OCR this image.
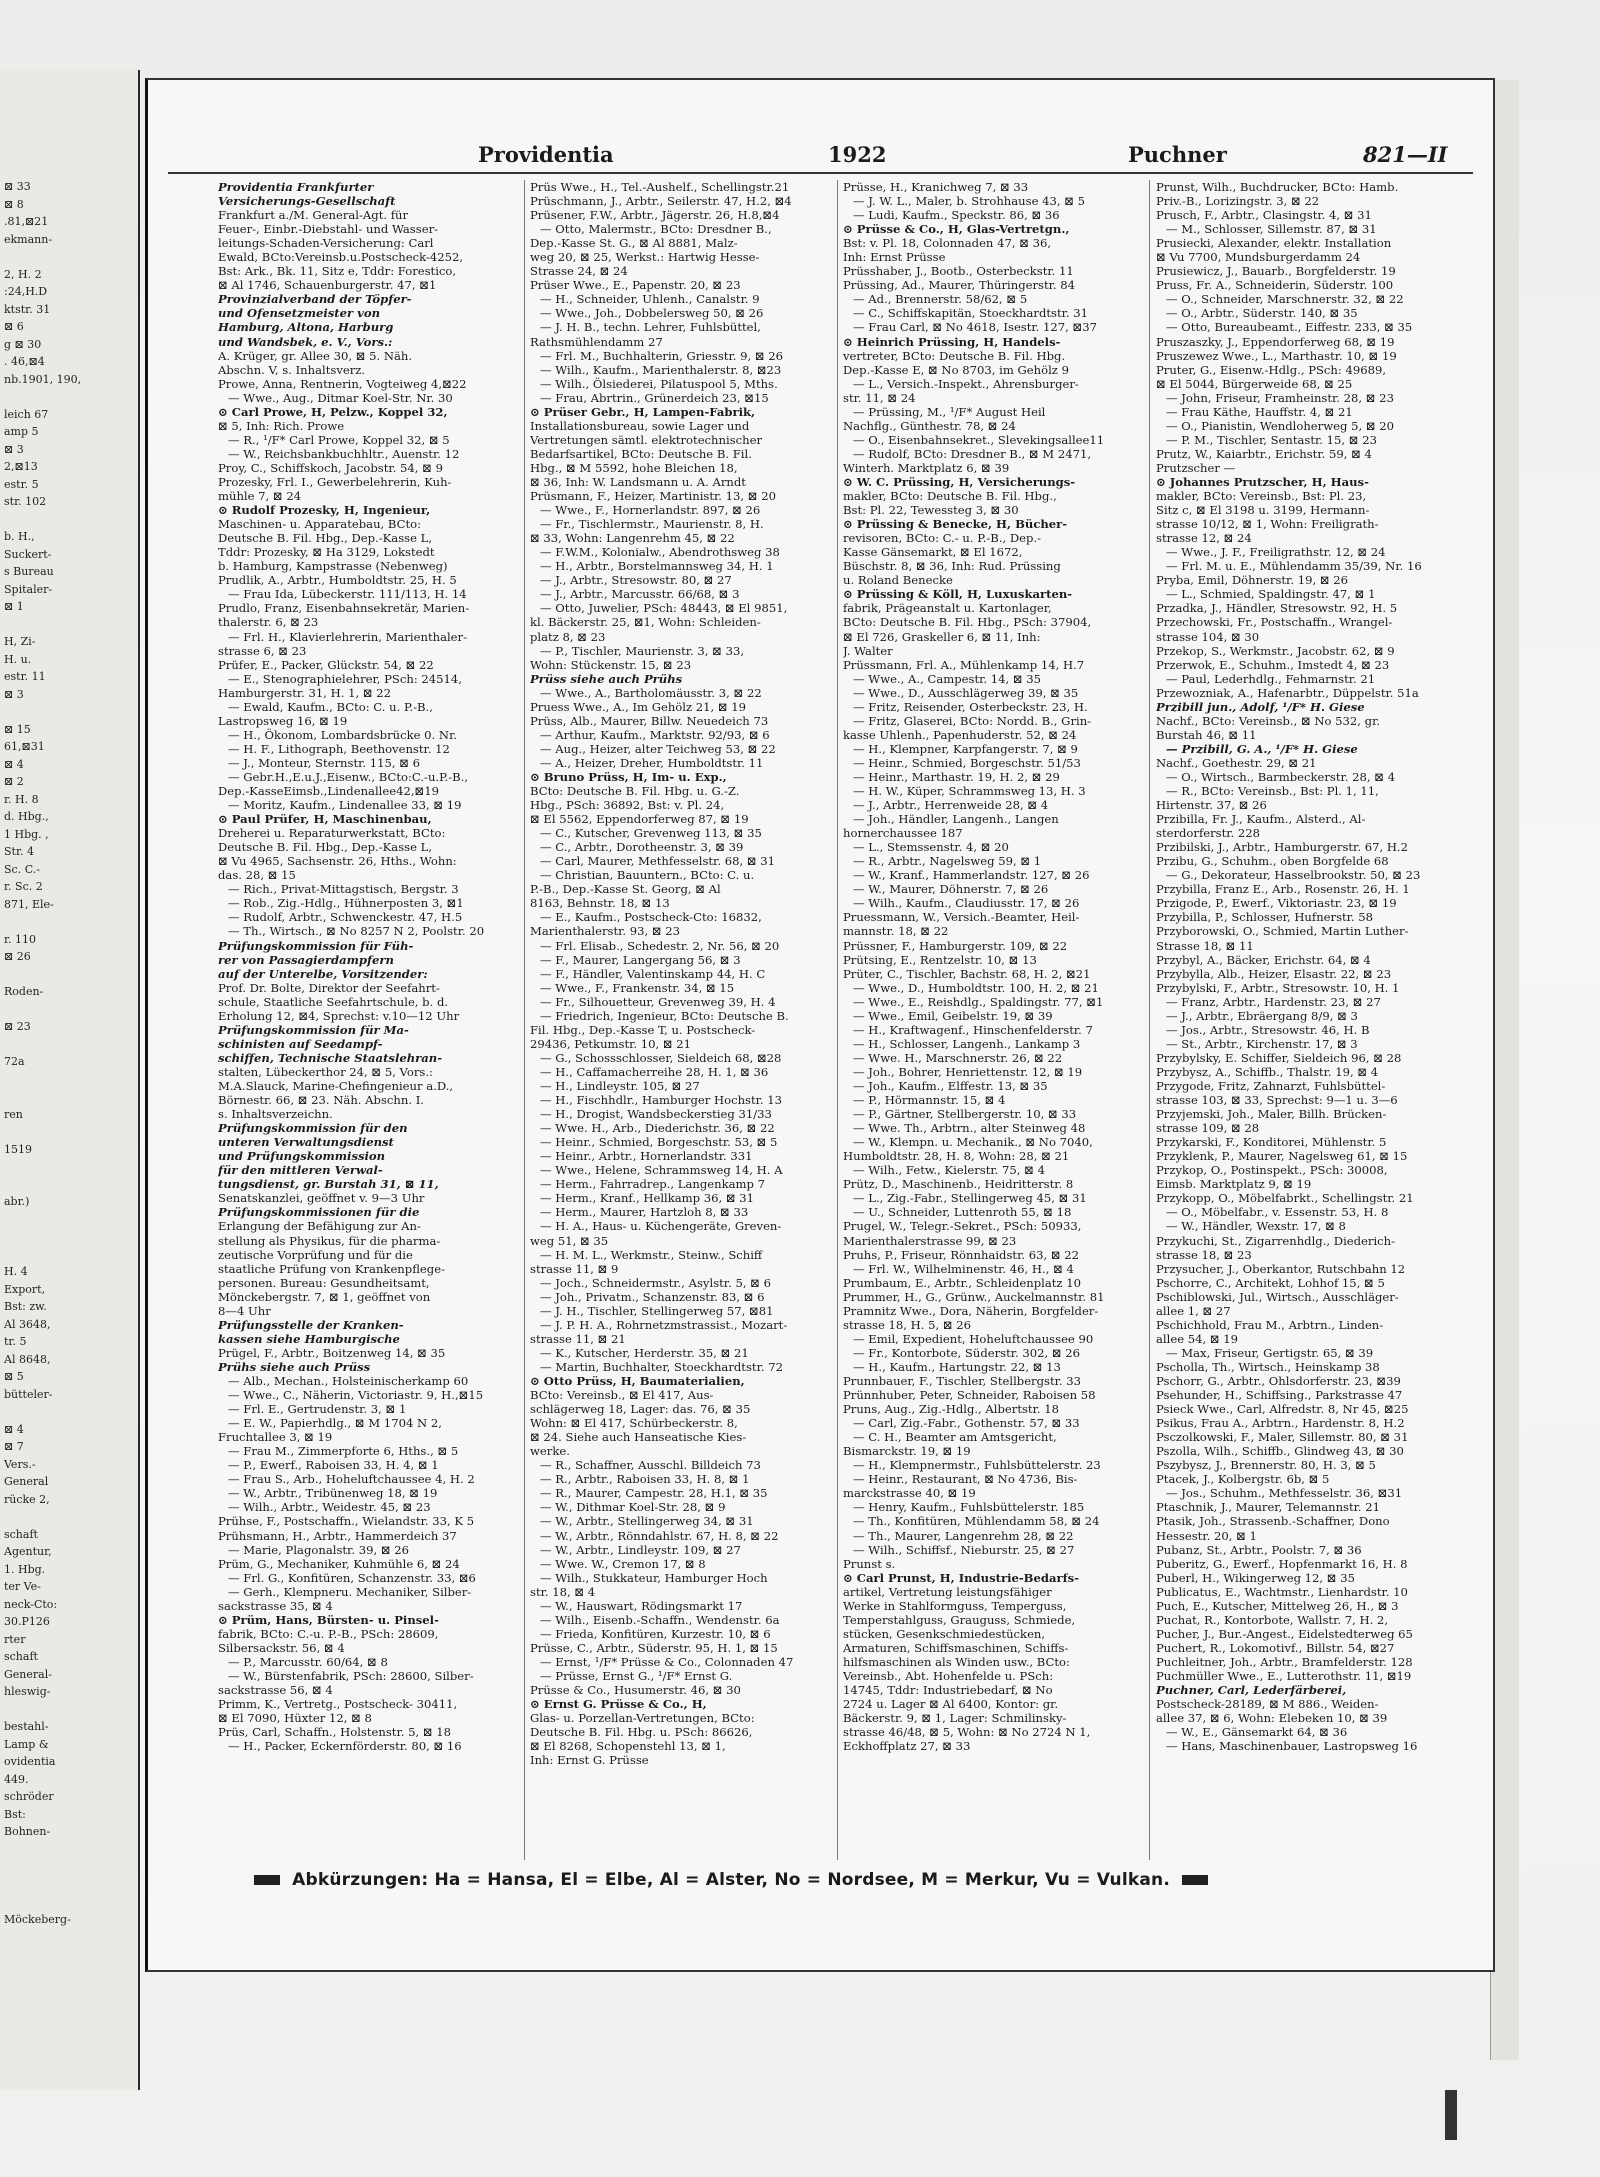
⊠ 33
⊠ 8
.81,⊠21
ekmann-
2, H. 2
:24,H.D
ktstr. 31
⊠ 6
g ⊠ 30
. 46,⊠4
nb.1901, 190,
leich 67
amp 5
⊠ 3
2,⊠13
estr. 5
str. 102
b. H.,
Suckert-
s Bureau
Spitaler-
⊠ 1
H, Zi-
H. u.
estr. 11
⊠ 3
⊠ 15
61,⊠31
⊠ 4
⊠ 2
r. H. 8
d. Hbg.,
1 Hbg. ,
Str. 4
Sc. C.-
r. Sc. 2
871, Ele-
r. 110
⊠ 26
Roden-
⊠ 23
72a
ren
1519
abr.)
H. 4
Export,
Bst: zw.
Al 3648,
tr. 5
Al 8648,
⊠ 5
bütteler-
⊠ 4
⊠ 7
Vers.-
General
rücke 2,
schaft
Agentur,
1. Hbg.
ter Ve-
neck-Cto:
30.P126
rter
schaft
General-
hleswig-
bestahl-
Lamp &
ovidentia
449.
schröder
Bst:
Bohnen-
Möckeberg-
Providentia	1922	Puchner	821—II
Providentia Frankfurter
Versicherungs-Gesellschaft
Frankfurt a./M. General-Agt. für
Feuer-, Einbr.-Diebstahl- und Wasser-
leitungs-Schaden-Versicherung: Carl
Ewald, BCto:Vereinsb.u.Postscheck-4252,
Bst: Ark., Bk. 11, Sitz e, Tddr: Forestico,
⊠ Al 1746, Schauenburgerstr. 47, ⊠1
Provinzialverband der Töpfer-
und Ofensetzmeister von
Hamburg, Altona, Harburg
und Wandsbek, e. V., Vors.:
A. Krüger, gr. Allee 30, ⊠ 5. Näh.
Abschn. V, s. Inhaltsverz.
Prowe, Anna, Rentnerin, Vogteiweg 4,⊠22
— Wwe., Aug., Ditmar Koel-Str. Nr. 30
⊙ Carl Prowe, H, Pelzw., Koppel 32,
⊠ 5, Inh: Rich. Prowe
— R., ¹/F* Carl Prowe, Koppel 32, ⊠ 5
— W., Reichsbankbuchhltr., Auenstr. 12
Proy, C., Schiffskoch, Jacobstr. 54, ⊠ 9
Prozesky, Frl. I., Gewerbelehrerin, Kuh-
mühle 7, ⊠ 24
⊙ Rudolf Prozesky, H, Ingenieur,
Maschinen- u. Apparatebau, BCto:
Deutsche B. Fil. Hbg., Dep.-Kasse L,
Tddr: Prozesky, ⊠ Ha 3129, Lokstedt
b. Hamburg, Kampstrasse (Nebenweg)
Prudlik, A., Arbtr., Humboldtstr. 25, H. 5
— Frau Ida, Lübeckerstr. 111/113, H. 14
Prudlo, Franz, Eisenbahnsekretär, Marien-
thalerstr. 6, ⊠ 23
— Frl. H., Klavierlehrerin, Marienthaler-
strasse 6, ⊠ 23
Prüfer, E., Packer, Glückstr. 54, ⊠ 22
— E., Stenographielehrer, PSch: 24514,
Hamburgerstr. 31, H. 1, ⊠ 22
— Ewald, Kaufm., BCto: C. u. P.-B.,
Lastropsweg 16, ⊠ 19
— H., Ökonom, Lombardsbrücke 0. Nr.
— H. F., Lithograph, Beethovenstr. 12
— J., Monteur, Sternstr. 115, ⊠ 6
— Gebr.H.,E.u.J.,Eisenw., BCto:C.-u.P.-B.,
Dep.-KasseEimsb.,Lindenallee42,⊠19
— Moritz, Kaufm., Lindenallee 33, ⊠ 19
⊙ Paul Prüfer, H, Maschinenbau,
Dreherei u. Reparaturwerkstatt, BCto:
Deutsche B. Fil. Hbg., Dep.-Kasse L,
⊠ Vu 4965, Sachsenstr. 26, Hths., Wohn:
das. 28, ⊠ 15
— Rich., Privat-Mittagstisch, Bergstr. 3
— Rob., Zig.-Hdlg., Hühnerposten 3, ⊠1
— Rudolf, Arbtr., Schwenckestr. 47, H.5
— Th., Wirtsch., ⊠ No 8257 N 2, Poolstr. 20
Prüfungskommission für Füh-
rer von Passagierdampfern
auf der Unterelbe, Vorsitzender:
Prof. Dr. Bolte, Direktor der Seefahrt-
schule, Staatliche Seefahrtschule, b. d.
Erholung 12, ⊠4, Sprechst: v.10—12 Uhr
Prüfungskommission für Ma-
schinisten auf Seedampf-
schiffen, Technische Staatslehran-
stalten, Lübeckerthor 24, ⊠ 5, Vors.:
M.A.Slauck, Marine-Chefingenieur a.D.,
Börnestr. 66, ⊠ 23. Näh. Abschn. I.
s. Inhaltsverzeichn.
Prüfungskommission für den
unteren Verwaltungsdienst
und Prüfungskommission
für den mittleren Verwal-
tungsdienst, gr. Burstah 31, ⊠ 11,
Senatskanzlei, geöffnet v. 9—3 Uhr
Prüfungskommissionen für die
Erlangung der Befähigung zur An-
stellung als Physikus, für die pharma-
zeutische Vorprüfung und für die
staatliche Prüfung von Krankenpflege-
personen. Bureau: Gesundheitsamt,
Mönckebergstr. 7, ⊠ 1, geöffnet von
8—4 Uhr
Prüfungsstelle der Kranken-
kassen siehe Hamburgische
Prügel, F., Arbtr., Boitzenweg 14, ⊠ 35
Prühs siehe auch Prüss
— Alb., Mechan., Holsteinischerkamp 60
— Wwe., C., Näherin, Victoriastr. 9, H.,⊠15
— Frl. E., Gertrudenstr. 3, ⊠ 1
— E. W., Papierhdlg., ⊠ M 1704 N 2,
Fruchtallee 3, ⊠ 19
— Frau M., Zimmerpforte 6, Hths., ⊠ 5
— P., Ewerf., Raboisen 33, H. 4, ⊠ 1
— Frau S., Arb., Hoheluftchaussee 4, H. 2
— W., Arbtr., Tribünenweg 18, ⊠ 19
— Wilh., Arbtr., Weidestr. 45, ⊠ 23
Prühse, F., Postschaffn., Wielandstr. 33, K 5
Prühsmann, H., Arbtr., Hammerdeich 37
— Marie, Plagonalstr. 39, ⊠ 26
Prüm, G., Mechaniker, Kuhmühle 6, ⊠ 24
— Frl. G., Konfitüren, Schanzenstr. 33, ⊠6
— Gerh., Klempneru. Mechaniker, Silber-
sackstrasse 35, ⊠ 4
⊙ Prüm, Hans, Bürsten- u. Pinsel-
fabrik, BCto: C.-u. P.-B., PSch: 28609,
Silbersackstr. 56, ⊠ 4
— P., Marcusstr. 60/64, ⊠ 8
— W., Bürstenfabrik, PSch: 28600, Silber-
sackstrasse 56, ⊠ 4
Primm, K., Vertretg., Postscheck- 30411,
⊠ El 7090, Hüxter 12, ⊠ 8
Prüs, Carl, Schaffn., Holstenstr. 5, ⊠ 18
— H., Packer, Eckernförderstr. 80, ⊠ 16
Prüs Wwe., H., Tel.-Aushelf., Schellingstr.21
Prüschmann, J., Arbtr., Seilerstr. 47, H.2, ⊠4
Prüsener, F.W., Arbtr., Jägerstr. 26, H.8,⊠4
— Otto, Malermstr., BCto: Dresdner B.,
Dep.-Kasse St. G., ⊠ Al 8881, Malz-
weg 20, ⊠ 25, Werkst.: Hartwig Hesse-
Strasse 24, ⊠ 24
Prüser Wwe., E., Papenstr. 20, ⊠ 23
— H., Schneider, Uhlenh., Canalstr. 9
— Wwe., Joh., Dobbelersweg 50, ⊠ 26
— J. H. B., techn. Lehrer, Fuhlsbüttel,
Rathsmühlendamm 27
— Frl. M., Buchhalterin, Griesstr. 9, ⊠ 26
— Wilh., Kaufm., Marienthalerstr. 8, ⊠23
— Wilh., Ölsiederei, Pilatuspool 5, Mths.
— Frau, Abrtrin., Grünerdeich 23, ⊠15
⊙ Prüser Gebr., H, Lampen-Fabrik,
Installationsbureau, sowie Lager und
Vertretungen sämtl. elektrotechnischer
Bedarfsartikel, BCto: Deutsche B. Fil.
Hbg., ⊠ M 5592, hohe Bleichen 18,
⊠ 36, Inh: W. Landsmann u. A. Arndt
Prüsmann, F., Heizer, Martinistr. 13, ⊠ 20
— Wwe., F., Hornerlandstr. 897, ⊠ 26
— Fr., Tischlermstr., Maurienstr. 8, H.
⊠ 33, Wohn: Langenrehm 45, ⊠ 22
— F.W.M., Kolonialw., Abendrothsweg 38
— H., Arbtr., Borstelmannsweg 34, H. 1
— J., Arbtr., Stresowstr. 80, ⊠ 27
— J., Arbtr., Marcusstr. 66/68, ⊠ 3
— Otto, Juwelier, PSch: 48443, ⊠ El 9851,
kl. Bäckerstr. 25, ⊠1, Wohn: Schleiden-
platz 8, ⊠ 23
— P., Tischler, Maurienstr. 3, ⊠ 33,
Wohn: Stückenstr. 15, ⊠ 23
Prüss siehe auch Prühs
— Wwe., A., Bartholomäusstr. 3, ⊠ 22
Pruess Wwe., A., Im Gehölz 21, ⊠ 19
Prüss, Alb., Maurer, Billw. Neuedeich 73
— Arthur, Kaufm., Marktstr. 92/93, ⊠ 6
— Aug., Heizer, alter Teichweg 53, ⊠ 22
— A., Heizer, Dreher, Humboldtstr. 11
⊙ Bruno Prüss, H, Im- u. Exp.,
BCto: Deutsche B. Fil. Hbg. u. G.-Z.
Hbg., PSch: 36892, Bst: v. Pl. 24,
⊠ El 5562, Eppendorferweg 87, ⊠ 19
— C., Kutscher, Grevenweg 113, ⊠ 35
— C., Arbtr., Dorotheenstr. 3, ⊠ 39
— Carl, Maurer, Methfesselstr. 68, ⊠ 31
— Christian, Bauuntern., BCto: C. u.
P.-B., Dep.-Kasse St. Georg, ⊠ Al
8163, Behnstr. 18, ⊠ 13
— E., Kaufm., Postscheck-Cto: 16832,
Marienthalerstr. 93, ⊠ 23
— Frl. Elisab., Schedestr. 2, Nr. 56, ⊠ 20
— F., Maurer, Langergang 56, ⊠ 3
— F., Händler, Valentinskamp 44, H. C
— Wwe., F., Frankenstr. 34, ⊠ 15
— Fr., Silhouetteur, Grevenweg 39, H. 4
— Friedrich, Ingenieur, BCto: Deutsche B.
Fil. Hbg., Dep.-Kasse T, u. Postscheck-
29436, Petkumstr. 10, ⊠ 21
— G., Schossschlosser, Sieldeich 68, ⊠28
— H., Caffamacherreihe 28, H. 1, ⊠ 36
— H., Lindleystr. 105, ⊠ 27
— H., Fischhdlr., Hamburger Hochstr. 13
— H., Drogist, Wandsbeckerstieg 31/33
— Wwe. H., Arb., Diederichstr. 36, ⊠ 22
— Heinr., Schmied, Borgeschstr. 53, ⊠ 5
— Heinr., Arbtr., Hornerlandstr. 331
— Wwe., Helene, Schrammsweg 14, H. A
— Herm., Fahrradrep., Langenkamp 7
— Herm., Kranf., Hellkamp 36, ⊠ 31
— Herm., Maurer, Hartzloh 8, ⊠ 33
— H. A., Haus- u. Küchengeräte, Greven-
weg 51, ⊠ 35
— H. M. L., Werkmstr., Steinw., Schiff
strasse 11, ⊠ 9
— Joch., Schneidermstr., Asylstr. 5, ⊠ 6
— Joh., Privatm., Schanzenstr. 83, ⊠ 6
— J. H., Tischler, Stellingerweg 57, ⊠81
— J. P. H. A., Rohrnetzmstrassist., Mozart-
strasse 11, ⊠ 21
— K., Kutscher, Herderstr. 35, ⊠ 21
— Martin, Buchhalter, Stoeckhardtstr. 72
⊙ Otto Prüss, H, Baumaterialien,
BCto: Vereinsb., ⊠ El 417, Aus-
schlägerweg 18, Lager: das. 76, ⊠ 35
Wohn: ⊠ El 417, Schürbeckerstr. 8,
⊠ 24. Siehe auch Hanseatische Kies-
werke.
— R., Schaffner, Ausschl. Billdeich 73
— R., Arbtr., Raboisen 33, H. 8, ⊠ 1
— R., Maurer, Campestr. 28, H.1, ⊠ 35
— W., Dithmar Koel-Str. 28, ⊠ 9
— W., Arbtr., Stellingerweg 34, ⊠ 31
— W., Arbtr., Rönndahlstr. 67, H. 8, ⊠ 22
— W., Arbtr., Lindleystr. 109, ⊠ 27
— Wwe. W., Cremon 17, ⊠ 8
— Wilh., Stukkateur, Hamburger Hoch
str. 18, ⊠ 4
— W., Hauswart, Rödingsmarkt 17
— Wilh., Eisenb.-Schaffn., Wendenstr. 6a
— Frieda, Konfitüren, Kurzestr. 10, ⊠ 6
Prüsse, C., Arbtr., Süderstr. 95, H. 1, ⊠ 15
— Ernst, ¹/F* Prüsse & Co., Colonnaden 47
— Prüsse, Ernst G., ¹/F* Ernst G.
Prüsse & Co., Husumerstr. 46, ⊠ 30
⊙ Ernst G. Prüsse & Co., H,
Glas- u. Porzellan-Vertretungen, BCto:
Deutsche B. Fil. Hbg. u. PSch: 86626,
⊠ El 8268, Schopenstehl 13, ⊠ 1,
Inh: Ernst G. Prüsse
Prüsse, H., Kranichweg 7, ⊠ 33
— J. W. L., Maler, b. Strohhause 43, ⊠ 5
— Ludi, Kaufm., Speckstr. 86, ⊠ 36
⊙ Prüsse & Co., H, Glas-Vertretgn.,
Bst: v. Pl. 18, Colonnaden 47, ⊠ 36,
Inh: Ernst Prüsse
Prüsshaber, J., Bootb., Osterbeckstr. 11
Prüssing, Ad., Maurer, Thüringerstr. 84
— Ad., Brennerstr. 58/62, ⊠ 5
— C., Schiffskapitän, Stoeckhardtstr. 31
— Frau Carl, ⊠ No 4618, Isestr. 127, ⊠37
⊙ Heinrich Prüssing, H, Handels-
vertreter, BCto: Deutsche B. Fil. Hbg.
Dep.-Kasse E, ⊠ No 8703, im Gehölz 9
— L., Versich.-Inspekt., Ahrensburger-
str. 11, ⊠ 24
— Prüssing, M., ¹/F* August Heil
Nachflg., Günthestr. 78, ⊠ 24
— O., Eisenbahnsekret., Slevekingsallee11
— Rudolf, BCto: Dresdner B., ⊠ M 2471,
Winterh. Marktplatz 6, ⊠ 39
⊙ W. C. Prüssing, H, Versicherungs-
makler, BCto: Deutsche B. Fil. Hbg.,
Bst: Pl. 22, Tewessteg 3, ⊠ 30
⊙ Prüssing & Benecke, H, Bücher-
revisoren, BCto: C.- u. P.-B., Dep.-
Kasse Gänsemarkt, ⊠ El 1672,
Büschstr. 8, ⊠ 36, Inh: Rud. Prüssing
u. Roland Benecke
⊙ Prüssing & Köll, H, Luxuskarten-
fabrik, Prägeanstalt u. Kartonlager,
BCto: Deutsche B. Fil. Hbg., PSch: 37904,
⊠ El 726, Graskeller 6, ⊠ 11, Inh:
J. Walter
Prüssmann, Frl. A., Mühlenkamp 14, H.7
— Wwe., A., Campestr. 14, ⊠ 35
— Wwe., D., Ausschlägerweg 39, ⊠ 35
— Fritz, Reisender, Osterbeckstr. 23, H.
— Fritz, Glaserei, BCto: Nordd. B., Grin-
kasse Uhlenh., Papenhuderstr. 52, ⊠ 24
— H., Klempner, Karpfangerstr. 7, ⊠ 9
— Heinr., Schmied, Borgeschstr. 51/53
— Heinr., Marthastr. 19, H. 2, ⊠ 29
— H. W., Küper, Schrammsweg 13, H. 3
— J., Arbtr., Herrenweide 28, ⊠ 4
— Joh., Händler, Langenh., Langen
hornerchaussee 187
— L., Stemssenstr. 4, ⊠ 20
— R., Arbtr., Nagelsweg 59, ⊠ 1
— W., Kranf., Hammerlandstr. 127, ⊠ 26
— W., Maurer, Döhnerstr. 7, ⊠ 26
— Wilh., Kaufm., Claudiusstr. 17, ⊠ 26
Pruessmann, W., Versich.-Beamter, Heil-
mannstr. 18, ⊠ 22
Prüssner, F., Hamburgerstr. 109, ⊠ 22
Prütsing, E., Rentzelstr. 10, ⊠ 13
Prüter, C., Tischler, Bachstr. 68, H. 2, ⊠21
— Wwe., D., Humboldtstr. 100, H. 2, ⊠ 21
— Wwe., E., Reishdlg., Spaldingstr. 77, ⊠1
— Wwe., Emil, Geibelstr. 19, ⊠ 39
— H., Kraftwagenf., Hinschenfelderstr. 7
— H., Schlosser, Langenh., Lankamp 3
— Wwe. H., Marschnerstr. 26, ⊠ 22
— Joh., Bohrer, Henriettenstr. 12, ⊠ 19
— Joh., Kaufm., Elffestr. 13, ⊠ 35
— P., Hörmannstr. 15, ⊠ 4
— P., Gärtner, Stellbergerstr. 10, ⊠ 33
— Wwe. Th., Arbtrn., alter Steinweg 48
— W., Klempn. u. Mechanik., ⊠ No 7040,
Humboldtstr. 28, H. 8, Wohn: 28, ⊠ 21
— Wilh., Fetw., Kielerstr. 75, ⊠ 4
Prütz, D., Maschinenb., Heidritterstr. 8
— L., Zig.-Fabr., Stellingerweg 45, ⊠ 31
— U., Schneider, Luttenroth 55, ⊠ 18
Prugel, W., Telegr.-Sekret., PSch: 50933,
Marienthalerstrasse 99, ⊠ 23
Pruhs, P., Friseur, Rönnhaidstr. 63, ⊠ 22
— Frl. W., Wilhelminenstr. 46, H., ⊠ 4
Prumbaum, E., Arbtr., Schleidenplatz 10
Prummer, H., G., Grünw., Auckelmannstr. 81
Pramnitz Wwe., Dora, Näherin, Borgfelder-
strasse 18, H. 5, ⊠ 26
— Emil, Expedient, Hoheluftchaussee 90
— Fr., Kontorbote, Süderstr. 302, ⊠ 26
— H., Kaufm., Hartungstr. 22, ⊠ 13
Prunnbauer, F., Tischler, Stellbergstr. 33
Prünnhuber, Peter, Schneider, Raboisen 58
Pruns, Aug., Zig.-Hdlg., Albertstr. 18
— Carl, Zig.-Fabr., Gothenstr. 57, ⊠ 33
— C. H., Beamter am Amtsgericht,
Bismarckstr. 19, ⊠ 19
— H., Klempnermstr., Fuhlsbüttelerstr. 23
— Heinr., Restaurant, ⊠ No 4736, Bis-
marckstrasse 40, ⊠ 19
— Henry, Kaufm., Fuhlsbüttelerstr. 185
— Th., Konfitüren, Mühlendamm 58, ⊠ 24
— Th., Maurer, Langenrehm 28, ⊠ 22
— Wilh., Schiffsf., Nieburstr. 25, ⊠ 27
Prunst s.
⊙ Carl Prunst, H, Industrie-Bedarfs-
artikel, Vertretung leistungsfähiger
Werke in Stahlformguss, Temperguss,
Temperstahlguss, Grauguss, Schmiede,
stücken, Gesenkschmiedestücken,
Armaturen, Schiffsmaschinen, Schiffs-
hilfsmaschinen als Winden usw., BCto:
Vereinsb., Abt. Hohenfelde u. PSch:
14745, Tddr: Industriebedarf, ⊠ No
2724 u. Lager ⊠ Al 6400, Kontor: gr.
Bäckerstr. 9, ⊠ 1, Lager: Schmilinsky-
strasse 46/48, ⊠ 5, Wohn: ⊠ No 2724 N 1,
Eckhoffplatz 27, ⊠ 33
Prunst, Wilh., Buchdrucker, BCto: Hamb.
Priv.-B., Lorizingstr. 3, ⊠ 22
Prusch, F., Arbtr., Clasingstr. 4, ⊠ 31
— M., Schlosser, Sillemstr. 87, ⊠ 31
Prusiecki, Alexander, elektr. Installation
⊠ Vu 7700, Mundsburgerdamm 24
Prusiewicz, J., Bauarb., Borgfelderstr. 19
Pruss, Fr. A., Schneiderin, Süderstr. 100
— O., Schneider, Marschnerstr. 32, ⊠ 22
— O., Arbtr., Süderstr. 140, ⊠ 35
— Otto, Bureaubeamt., Eiffestr. 233, ⊠ 35
Pruszaszky, J., Eppendorferweg 68, ⊠ 19
Pruszewez Wwe., L., Marthastr. 10, ⊠ 19
Pruter, G., Eisenw.-Hdlg., PSch: 49689,
⊠ El 5044, Bürgerweide 68, ⊠ 25
— John, Friseur, Framheinstr. 28, ⊠ 23
— Frau Käthe, Hauffstr. 4, ⊠ 21
— O., Pianistin, Wendloherweg 5, ⊠ 20
— P. M., Tischler, Sentastr. 15, ⊠ 23
Prutz, W., Kaiarbtr., Erichstr. 59, ⊠ 4
Prutzscher —
⊙ Johannes Prutzscher, H, Haus-
makler, BCto: Vereinsb., Bst: Pl. 23,
Sitz c, ⊠ El 3198 u. 3199, Hermann-
strasse 10/12, ⊠ 1, Wohn: Freiligrath-
strasse 12, ⊠ 24
— Wwe., J. F., Freiligrathstr. 12, ⊠ 24
— Frl. M. u. E., Mühlendamm 35/39, Nr. 16
Pryba, Emil, Döhnerstr. 19, ⊠ 26
— L., Schmied, Spaldingstr. 47, ⊠ 1
Przadka, J., Händler, Stresowstr. 92, H. 5
Przechowski, Fr., Postschaffn., Wrangel-
strasse 104, ⊠ 30
Przekop, S., Werkmstr., Jacobstr. 62, ⊠ 9
Przerwok, E., Schuhm., Imstedt 4, ⊠ 23
— Paul, Lederhdlg., Fehmarnstr. 21
Przewozniak, A., Hafenarbtr., Düppelstr. 51a
Przibill jun., Adolf, ¹/F* H. Giese
Nachf., BCto: Vereinsb., ⊠ No 532, gr.
Burstah 46, ⊠ 11
— Przibill, G. A., ¹/F* H. Giese
Nachf., Goethestr. 29, ⊠ 21
— O., Wirtsch., Barmbeckerstr. 28, ⊠ 4
— R., BCto: Vereinsb., Bst: Pl. 1, 11,
Hirtenstr. 37, ⊠ 26
Przibilla, Fr. J., Kaufm., Alsterd., Al-
sterdorferstr. 228
Przibilski, J., Arbtr., Hamburgerstr. 67, H.2
Przibu, G., Schuhm., oben Borgfelde 68
— G., Dekorateur, Hasselbrookstr. 50, ⊠ 23
Przybilla, Franz E., Arb., Rosenstr. 26, H. 1
Przigode, P., Ewerf., Viktoriastr. 23, ⊠ 19
Przybilla, P., Schlosser, Hufnerstr. 58
Przyborowski, O., Schmied, Martin Luther-
Strasse 18, ⊠ 11
Przybyl, A., Bäcker, Erichstr. 64, ⊠ 4
Przybylla, Alb., Heizer, Elsastr. 22, ⊠ 23
Przybylski, F., Arbtr., Stresowstr. 10, H. 1
— Franz, Arbtr., Hardenstr. 23, ⊠ 27
— J., Arbtr., Ebräergang 8/9, ⊠ 3
— Jos., Arbtr., Stresowstr. 46, H. B
— St., Arbtr., Kirchenstr. 17, ⊠ 3
Przybylsky, E. Schiffer, Sieldeich 96, ⊠ 28
Przybysz, A., Schiffb., Thalstr. 19, ⊠ 4
Przygode, Fritz, Zahnarzt, Fuhlsbüttel-
strasse 103, ⊠ 33, Sprechst: 9—1 u. 3—6
Przyjemski, Joh., Maler, Billh. Brücken-
strasse 109, ⊠ 28
Przykarski, F., Konditorei, Mühlenstr. 5
Przyklenk, P., Maurer, Nagelsweg 61, ⊠ 15
Przykop, O., Postinspekt., PSch: 30008,
Eimsb. Marktplatz 9, ⊠ 19
Przykopp, O., Möbelfabrkt., Schellingstr. 21
— O., Möbelfabr., v. Essenstr. 53, H. 8
— W., Händler, Wexstr. 17, ⊠ 8
Przykuchi, St., Zigarrenhdlg., Diederich-
strasse 18, ⊠ 23
Przysucher, J., Oberkantor, Rutschbahn 12
Pschorre, C., Architekt, Lohhof 15, ⊠ 5
Pschiblowski, Jul., Wirtsch., Ausschläger-
allee 1, ⊠ 27
Pschichhold, Frau M., Arbtrn., Linden-
allee 54, ⊠ 19
— Max, Friseur, Gertigstr. 65, ⊠ 39
Pscholla, Th., Wirtsch., Heinskamp 38
Pschorr, G., Arbtr., Ohlsdorferstr. 23, ⊠39
Psehunder, H., Schiffsing., Parkstrasse 47
Psieck Wwe., Carl, Alfredstr. 8, Nr 45, ⊠25
Psikus, Frau A., Arbtrn., Hardenstr. 8, H.2
Psczolkowski, F., Maler, Sillemstr. 80, ⊠ 31
Pszolla, Wilh., Schiffb., Glindweg 43, ⊠ 30
Pszybysz, J., Brennerstr. 80, H. 3, ⊠ 5
Ptacek, J., Kolbergstr. 6b, ⊠ 5
— Jos., Schuhm., Methfesselstr. 36, ⊠31
Ptaschnik, J., Maurer, Telemannstr. 21
Ptasik, Joh., Strassenb.-Schaffner, Dono
Hessestr. 20, ⊠ 1
Pubanz, St., Arbtr., Poolstr. 7, ⊠ 36
Puberitz, G., Ewerf., Hopfenmarkt 16, H. 8
Puberl, H., Wikingerweg 12, ⊠ 35
Publicatus, E., Wachtmstr., Lienhardstr. 10
Puch, E., Kutscher, Mittelweg 26, H., ⊠ 3
Puchat, R., Kontorbote, Wallstr. 7, H. 2,
Pucher, J., Bur.-Angest., Eidelstedterweg 65
Puchert, R., Lokomotivf., Billstr. 54, ⊠27
Puchleitner, Joh., Arbtr., Bramfelderstr. 128
Puchmüller Wwe., E., Lutterothstr. 11, ⊠19
Puchner, Carl, Lederfärberei,
Postscheck-28189, ⊠ M 886., Weiden-
allee 37, ⊠ 6, Wohn: Elebeken 10, ⊠ 39
— W., E., Gänsemarkt 64, ⊠ 36
— Hans, Maschinenbauer, Lastropsweg 16
Abkürzungen: Ha = Hansa, El = Elbe, Al = Alster, No = Nordsee, M = Merkur, Vu = Vulkan.
